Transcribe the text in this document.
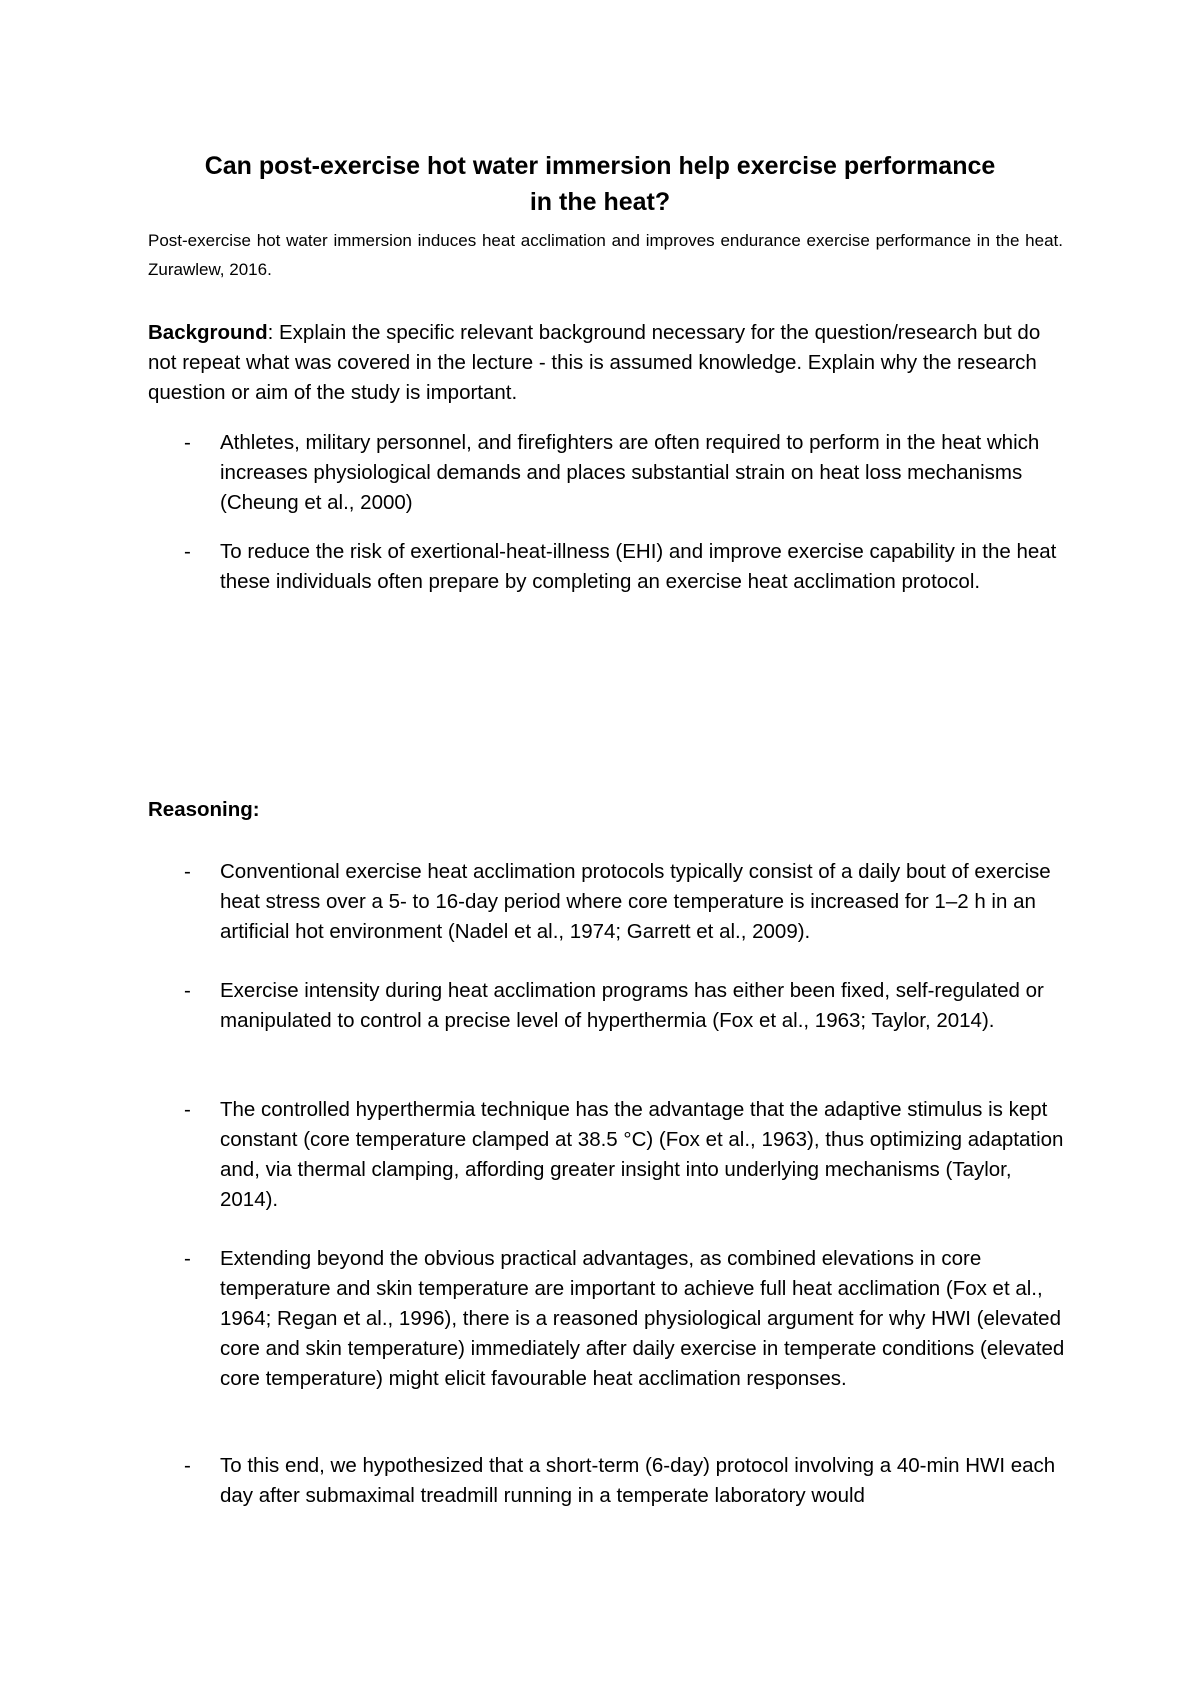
Can post-exercise hot water immersion help exercise performance
in the heat?

Post-exercise hot water immersion induces heat acclimation and improves endurance exercise performance in the heat. Zurawlew, 2016.

Background: Explain the specific relevant background necessary for the question/research but do not repeat what was covered in the lecture - this is assumed knowledge. Explain why the research question or aim of the study is important.

- Athletes, military personnel, and firefighters are often required to perform in the heat which increases physiological demands and places substantial strain on heat loss mechanisms (Cheung et al., 2000)
- To reduce the risk of exertional-heat-illness (EHI) and improve exercise capability in the heat these individuals often prepare by completing an exercise heat acclimation protocol.

Reasoning:

- Conventional exercise heat acclimation protocols typically consist of a daily bout of exercise heat stress over a 5- to 16-day period where core temperature is increased for 1–2 h in an artificial hot environment (Nadel et al., 1974; Garrett et al., 2009).
- Exercise intensity during heat acclimation programs has either been fixed, self-regulated or manipulated to control a precise level of hyperthermia (Fox et al., 1963; Taylor, 2014).
- The controlled hyperthermia technique has the advantage that the adaptive stimulus is kept constant (core temperature clamped at 38.5 °C) (Fox et al., 1963), thus optimizing adaptation and, via thermal clamping, affording greater insight into underlying mechanisms (Taylor, 2014).
- Extending beyond the obvious practical advantages, as combined elevations in core temperature and skin temperature are important to achieve full heat acclimation (Fox et al., 1964; Regan et al., 1996), there is a reasoned physiological argument for why HWI (elevated core and skin temperature) immediately after daily exercise in temperate conditions (elevated core temperature) might elicit favourable heat acclimation responses.
- To this end, we hypothesized that a short-term (6-day) protocol involving a 40-min HWI each day after submaximal treadmill running in a temperate laboratory would
